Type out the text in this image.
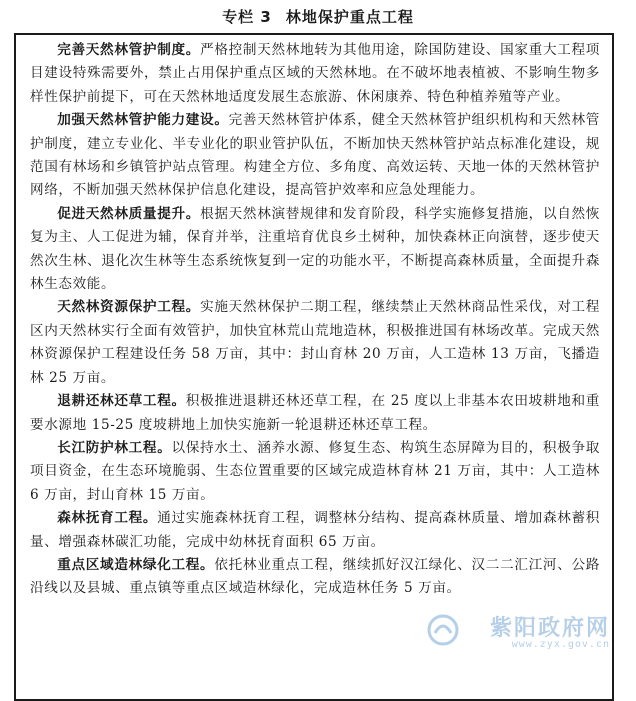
专栏 3 林地保护重点工程

完善天然林管护制度。严格控制天然林地转为其他用途，除国防建设、国家重大工程项目建设特殊需要外，禁止占用保护重点区域的天然林地。在不破坏地表植被、不影响生物多样性保护前提下，可在天然林地适度发展生态旅游、休闲康养、特色种植养殖等产业。

加强天然林管护能力建设。完善天然林管护体系，健全天然林管护组织机构和天然林管护制度，建立专业化、半专业化的职业管护队伍，不断加快天然林管护站点标准化建设，规范国有林场和乡镇管护站点管理。构建全方位、多角度、高效运转、天地一体的天然林管护网络，不断加强天然林保护信息化建设，提高管护效率和应急处理能力。

促进天然林质量提升。根据天然林演替规律和发育阶段，科学实施修复措施，以自然恢复为主、人工促进为辅，保育并举，注重培育优良乡土树种，加快森林正向演替，逐步使天然次生林、退化次生林等生态系统恢复到一定的功能水平，不断提高森林质量，全面提升森林生态效能。

天然林资源保护工程。实施天然林保护二期工程，继续禁止天然林商品性采伐，对工程区内天然林实行全面有效管护，加快宜林荒山荒地造林，积极推进国有林场改革。完成天然林资源保护工程建设任务 58 万亩，其中：封山育林 20 万亩，人工造林 13 万亩，飞播造林 25 万亩。

退耕还林还草工程。积极推进退耕还林还草工程，在 25 度以上非基本农田坡耕地和重要水源地 15-25 度坡耕地上加快实施新一轮退耕还林还草工程。

长江防护林工程。以保持水土、涵养水源、修复生态、构筑生态屏障为目的，积极争取项目资金，在生态环境脆弱、生态位置重要的区域完成造林育林 21 万亩，其中：人工造林 6 万亩，封山育林 15 万亩。

森林抚育工程。通过实施森林抚育工程，调整林分结构、提高森林质量、增加森林蓄积量、增强森林碳汇功能，完成中幼林抚育面积 65 万亩。

重点区域造林绿化工程。依托林业重点工程，继续抓好汉江绿化、汉二二汇江河、公路沿线以及县城、重点镇等重点区域造林绿化，完成造林任务 5 万亩。

紫阳政府网
www.zyx.gov.cn
